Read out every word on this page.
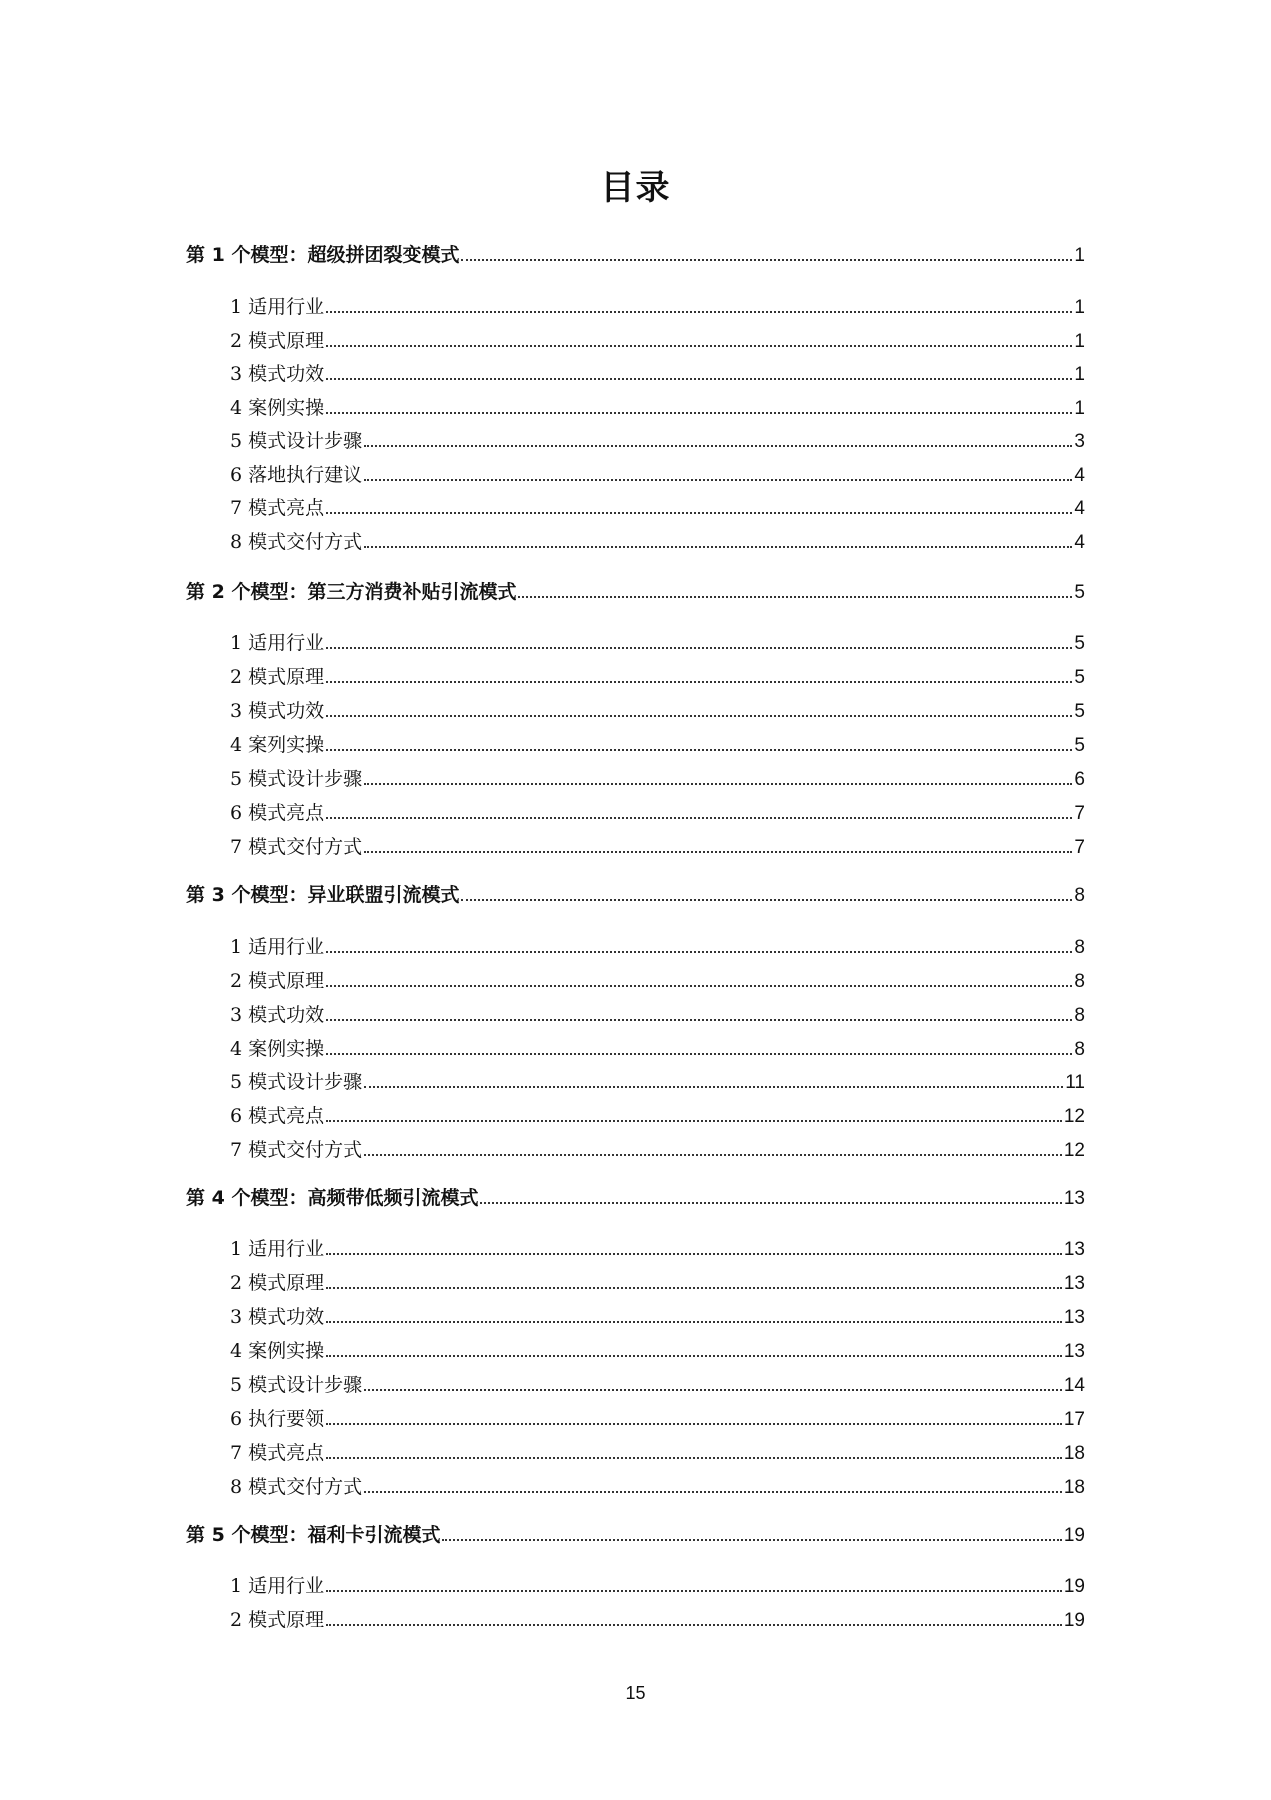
目录
第 1 个模型：超级拼团裂变模式	1
1 适用行业	1
2 模式原理	1
3 模式功效	1
4 案例实操	1
5 模式设计步骤	3
6 落地执行建议	4
7 模式亮点	4
8 模式交付方式	4
第 2 个模型：第三方消费补贴引流模式	5
1 适用行业	5
2 模式原理	5
3 模式功效	5
4 案列实操	5
5 模式设计步骤	6
6 模式亮点	7
7 模式交付方式	7
第 3 个模型：异业联盟引流模式	8
1 适用行业	8
2 模式原理	8
3 模式功效	8
4 案例实操	8
5 模式设计步骤	11
6 模式亮点	12
7 模式交付方式	12
第 4 个模型：高频带低频引流模式	13
1 适用行业	13
2 模式原理	13
3 模式功效	13
4 案例实操	13
5 模式设计步骤	14
6 执行要领	17
7 模式亮点	18
8 模式交付方式	18
第 5 个模型：福利卡引流模式	19
1 适用行业	19
2 模式原理	19
15
